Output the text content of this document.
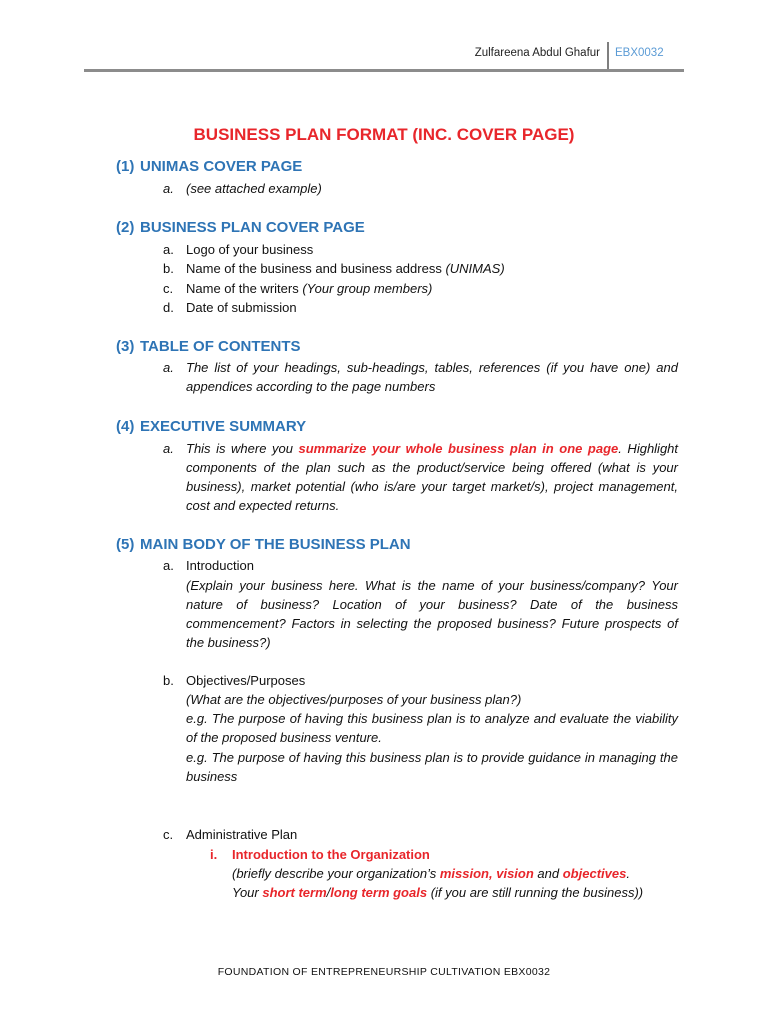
Zulfareena Abdul Ghafur EBX0032
BUSINESS PLAN FORMAT (INC. COVER PAGE)
(1) UNIMAS COVER PAGE
a. (see attached example)
(2) BUSINESS PLAN COVER PAGE
a. Logo of your business
b. Name of the business and business address (UNIMAS)
c. Name of the writers (Your group members)
d. Date of submission
(3) TABLE OF CONTENTS
a. The list of your headings, sub-headings, tables, references (if you have one) and appendices according to the page numbers
(4) EXECUTIVE SUMMARY
a. This is where you summarize your whole business plan in one page. Highlight components of the plan such as the product/service being offered (what is your business), market potential (who is/are your target market/s), project management, cost and expected returns.
(5) MAIN BODY OF THE BUSINESS PLAN
a. Introduction
(Explain your business here. What is the name of your business/company? Your nature of business? Location of your business? Date of the business commencement? Factors in selecting the proposed business? Future prospects of the business?)
b. Objectives/Purposes
(What are the objectives/purposes of your business plan?)
e.g. The purpose of having this business plan is to analyze and evaluate the viability of the proposed business venture.
e.g. The purpose of having this business plan is to provide guidance in managing the business
c. Administrative Plan
i. Introduction to the Organization
(briefly describe your organization’s mission, vision and objectives.
Your short term/long term goals (if you are still running the business))
FOUNDATION OF ENTREPRENEURSHIP CULTIVATION EBX0032
